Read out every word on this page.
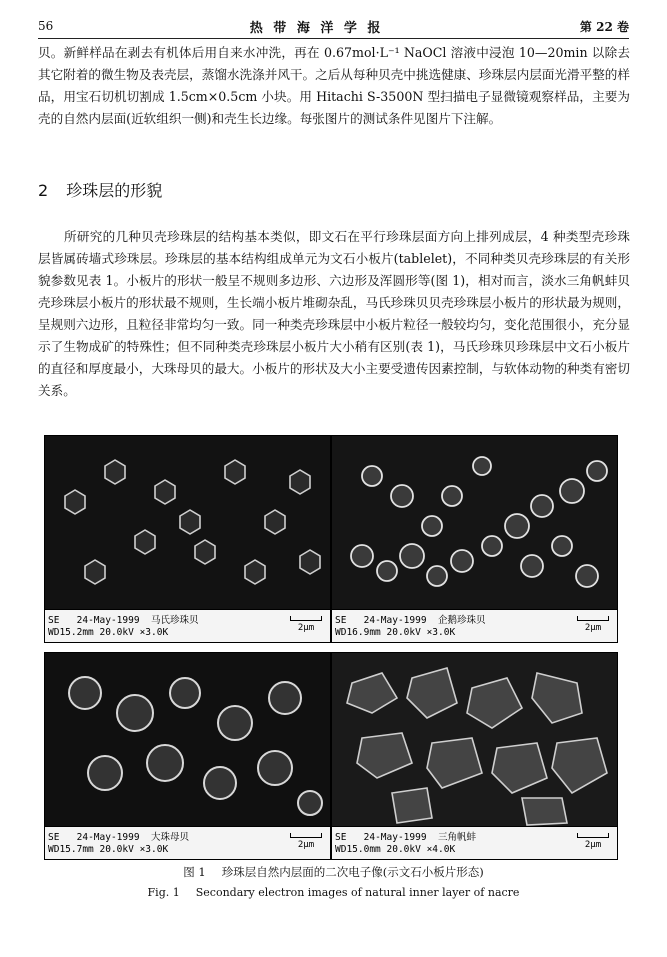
56	热 带 海 洋 学 报	第 22 卷
贝。新鲜样品在剥去有机体后用自来水冲洗，再在 0.67mol·L⁻¹ NaOCl 溶液中浸泡 10—20min 以除去其它附着的微生物及表壳层，蒸馏水洗涤并风干。之后从每种贝壳中挑选健康、珍珠层内层面光滑平整的样品，用宝石切机切割成 1.5cm×0.5cm 小块。用 Hitachi S-3500N 型扫描电子显微镜观察样品，主要为壳的自然内层面(近软组织一侧)和壳生长边缘。每张图片的测试条件见图片下注解。
2 珍珠层的形貌
所研究的几种贝壳珍珠层的结构基本类似，即文石在平行珍珠层面方向上排列成层，4 种类型壳珍珠层皆属砖墙式珍珠层。珍珠层的基本结构组成单元为文石小板片(tablelet)，不同种类贝壳珍珠层的有关形貌参数见表 1。小板片的形状一般呈不规则多边形、六边形及浑圆形等(图 1)，相对而言，淡水三角帆蚌贝壳珍珠层小板片的形状最不规则，生长端小板片堆砌杂乱，马氏珍珠贝贝壳珍珠层小板片的形状最为规则，呈规则六边形，且粒径非常均匀一致。同一种类壳珍珠层中小板片粒径一般较均匀，变化范围很小，充分显示了生物成矿的特殊性；但不同种类壳珍珠层小板片大小稍有区别(表 1)，马氏珍珠贝珍珠层中文石小板片的直径和厚度最小，大珠母贝的最大。小板片的形状及大小主要受遗传因素控制，与软体动物的种类有密切关系。
SE 24-May-1999 马氏珍珠贝
WD15.2mm 20.0kV ×3.0K	2μm
SE 24-May-1999 企鹅珍珠贝
WD16.9mm 20.0kV ×3.0K	2μm
SE 24-May-1999 大珠母贝
WD15.7mm 20.0kV ×3.0K	2μm
SE 24-May-1999 三角帆蚌
WD15.0mm 20.0kV ×4.0K	2μm
图 1 珍珠层自然内层面的二次电子像(示文石小板片形态)
Fig. 1 Secondary electron images of natural inner layer of nacre
